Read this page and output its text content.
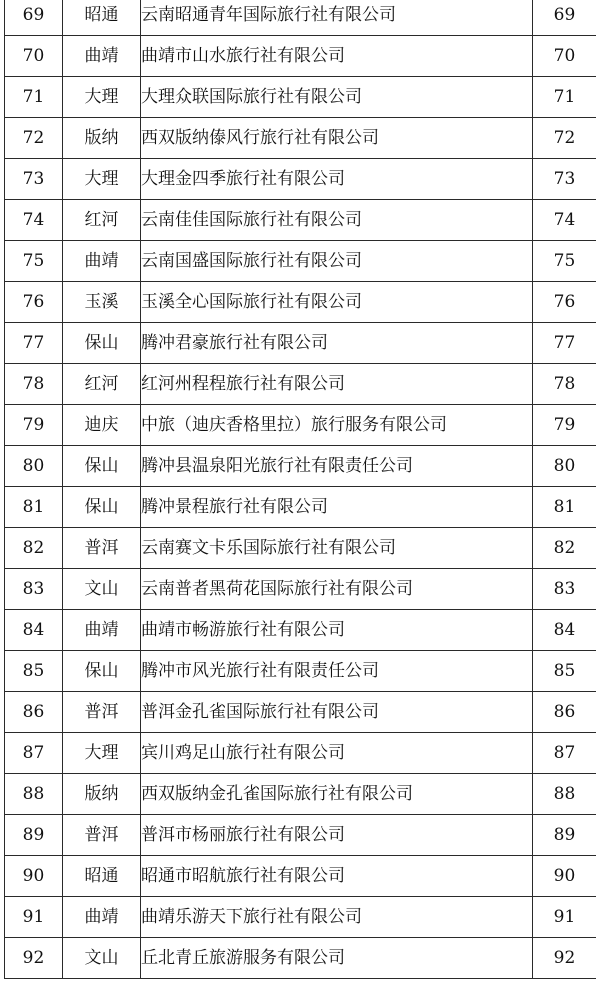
69	昭通	云南昭通青年国际旅行社有限公司	69
70	曲靖	曲靖市山水旅行社有限公司	70
71	大理	大理众联国际旅行社有限公司	71
72	版纳	西双版纳傣风行旅行社有限公司	72
73	大理	大理金四季旅行社有限公司	73
74	红河	云南佳佳国际旅行社有限公司	74
75	曲靖	云南国盛国际旅行社有限公司	75
76	玉溪	玉溪全心国际旅行社有限公司	76
77	保山	腾冲君豪旅行社有限公司	77
78	红河	红河州程程旅行社有限公司	78
79	迪庆	中旅（迪庆香格里拉）旅行服务有限公司	79
80	保山	腾冲县温泉阳光旅行社有限责任公司	80
81	保山	腾冲景程旅行社有限公司	81
82	普洱	云南赛文卡乐国际旅行社有限公司	82
83	文山	云南普者黑荷花国际旅行社有限公司	83
84	曲靖	曲靖市畅游旅行社有限公司	84
85	保山	腾冲市风光旅行社有限责任公司	85
86	普洱	普洱金孔雀国际旅行社有限公司	86
87	大理	宾川鸡足山旅行社有限公司	87
88	版纳	西双版纳金孔雀国际旅行社有限公司	88
89	普洱	普洱市杨丽旅行社有限公司	89
90	昭通	昭通市昭航旅行社有限公司	90
91	曲靖	曲靖乐游天下旅行社有限公司	91
92	文山	丘北青丘旅游服务有限公司	92
